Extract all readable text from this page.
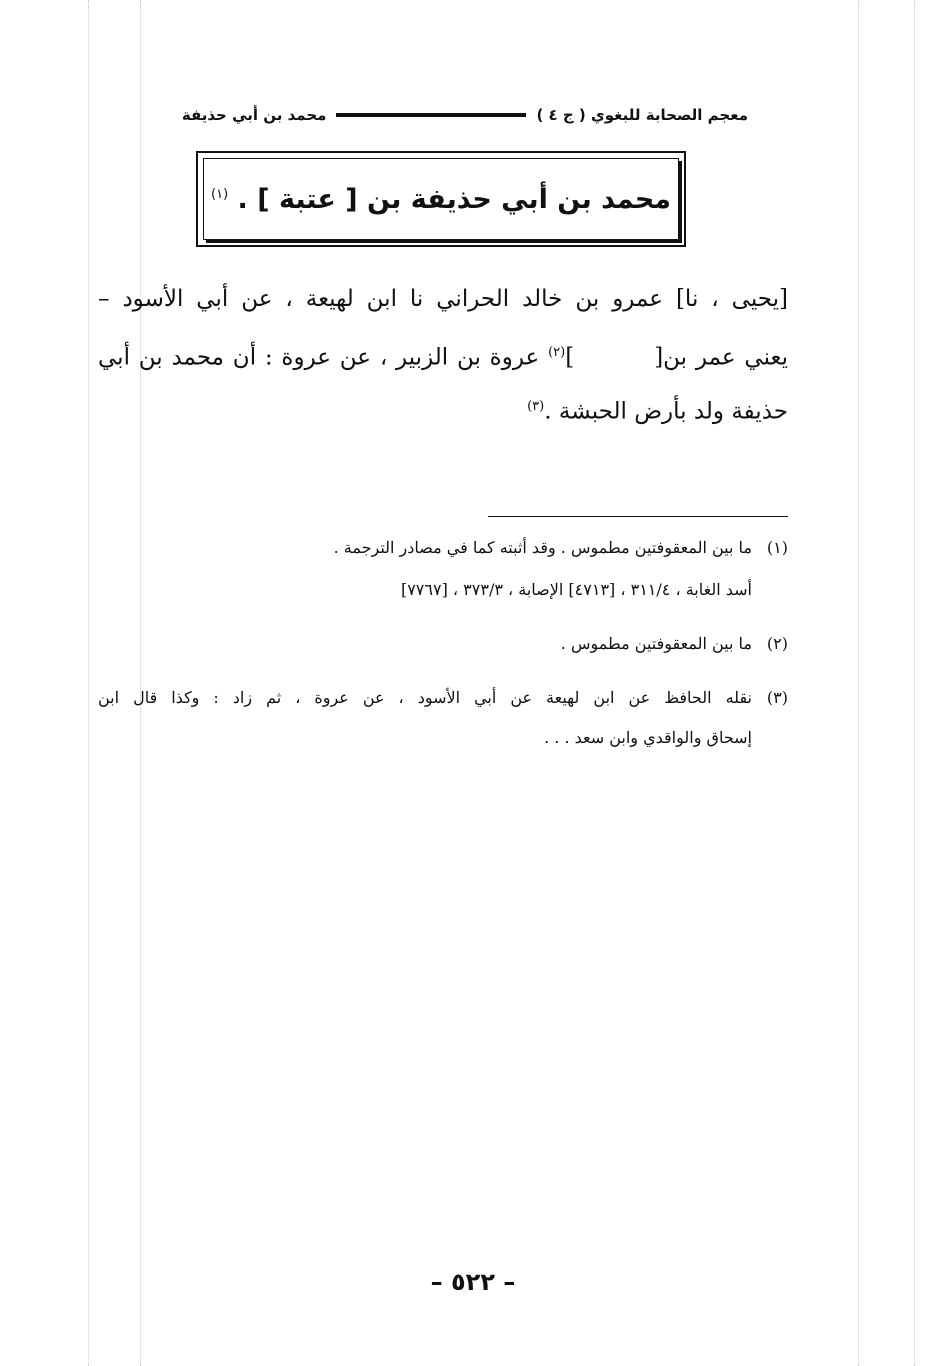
معجم الصحابة للبغوي ( ج ٤ )
محمد بن أبي حذيفة
محمد بن أبي حذيفة بن [ عتبة ] . $^{(١)}$
[يحيى ، نا] عمرو بن خالد الحراني نا ابن لهيعة ، عن أبي الأسود –
يعني عمر بن[]$^{(٢)}$ عروة بن الزبير ، عن عروة : أن محمد بن أبي
حذيفة ولد بأرض الحبشة .$^{(٣)}$
(١)
ما بين المعقوفتين مطموس . وقد أثبته كما في مصادر الترجمة .
أسد الغابة ، ٣١١/٤ ، [٤٧١٣] الإصابة ، ٣٧٣/٣ ، [٧٧٦٧]
(٢)
ما بين المعقوفتين مطموس .
(٣)
نقله الحافظ عن ابن لهيعة عن أبي الأسود ، عن عروة ، ثم زاد : وكذا قال ابن
إسحاق والواقدي وابن سعد . . .
– ٥٢٢ –
